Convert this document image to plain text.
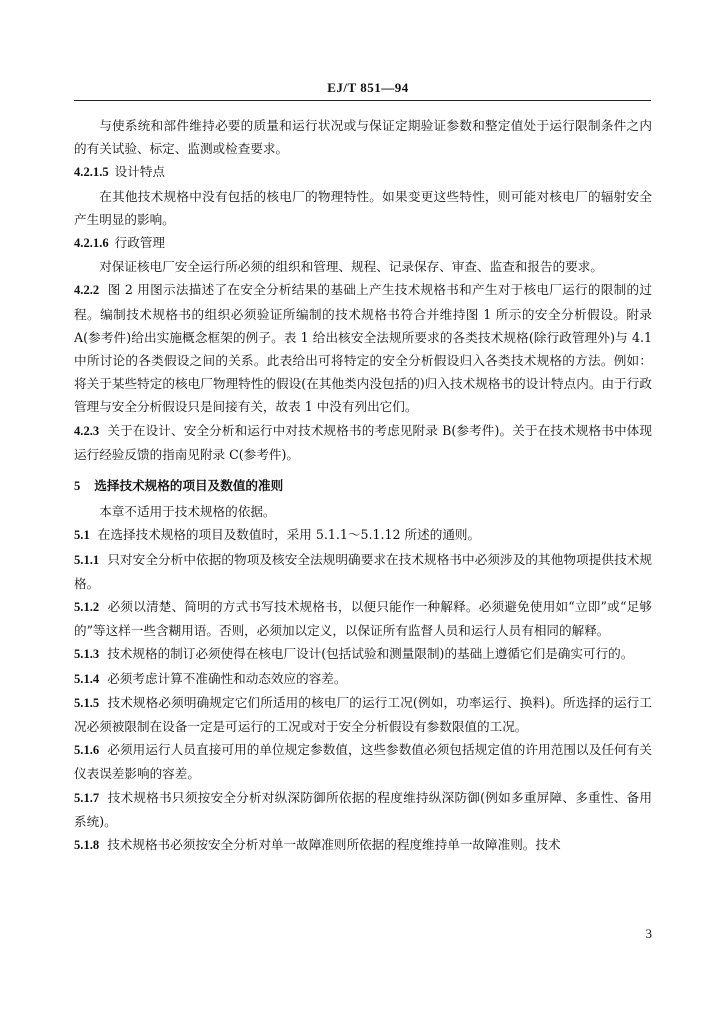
EJ/T 851—94

与使系统和部件维持必要的质量和运行状况或与保证定期验证参数和整定值处于运行限制条件之内的有关试验、标定、监测或检查要求。

4.2.1.5 设计特点

在其他技术规格中没有包括的核电厂的物理特性。如果变更这些特性，则可能对核电厂的辐射安全产生明显的影响。

4.2.1.6 行政管理

对保证核电厂安全运行所必须的组织和管理、规程、记录保存、审查、监查和报告的要求。

4.2.2 图 2 用图示法描述了在安全分析结果的基础上产生技术规格书和产生对于核电厂运行的限制的过程。编制技术规格书的组织必须验证所编制的技术规格书符合并维持图 1 所示的安全分析假设。附录 A(参考件)给出实施概念框架的例子。表 1 给出核安全法规所要求的各类技术规格(除行政管理外)与 4.1 中所讨论的各类假设之间的关系。此表给出可将特定的安全分析假设归入各类技术规格的方法。例如：将关于某些特定的核电厂物理特性的假设(在其他类内没包括的)归入技术规格书的设计特点内。由于行政管理与安全分析假设只是间接有关，故表 1 中没有列出它们。

4.2.3 关于在设计、安全分析和运行中对技术规格书的考虑见附录 B(参考件)。关于在技术规格书中体现运行经验反馈的指南见附录 C(参考件)。

5 选择技术规格的项目及数值的准则

本章不适用于技术规格的依据。

5.1 在选择技术规格的项目及数值时，采用 5.1.1～5.1.12 所述的通则。

5.1.1 只对安全分析中依据的物项及核安全法规明确要求在技术规格书中必须涉及的其他物项提供技术规格。

5.1.2 必须以清楚、简明的方式书写技术规格书，以便只能作一种解释。必须避免使用如“立即”或“足够的”等这样一些含糊用语。否则，必须加以定义，以保证所有监督人员和运行人员有相同的解释。

5.1.3 技术规格的制订必须使得在核电厂设计(包括试验和测量限制)的基础上遵循它们是确实可行的。

5.1.4 必须考虑计算不准确性和动态效应的容差。

5.1.5 技术规格必须明确规定它们所适用的核电厂的运行工况(例如，功率运行、换料)。所选择的运行工况必须被限制在设备一定是可运行的工况或对于安全分析假设有参数限值的工况。

5.1.6 必须用运行人员直接可用的单位规定参数值，这些参数值必须包括规定值的许用范围以及任何有关仪表误差影响的容差。

5.1.7 技术规格书只须按安全分析对纵深防御所依据的程度维持纵深防御(例如多重屏障、多重性、备用系统)。

5.1.8 技术规格书必须按安全分析对单一故障准则所依据的程度维持单一故障准则。技术

3
